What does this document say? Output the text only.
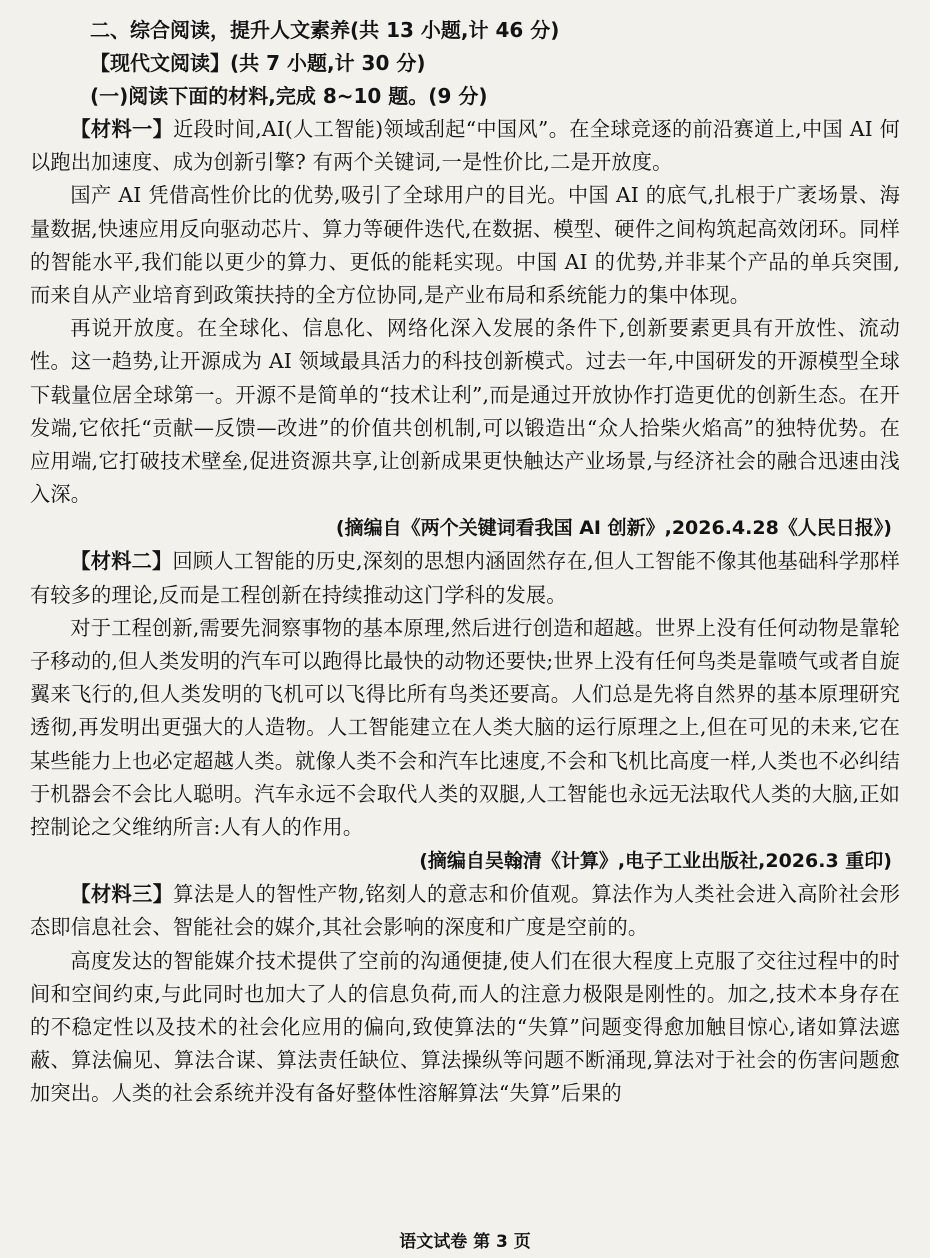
二、综合阅读，提升人文素养(共 13 小题,计 46 分)
【现代文阅读】(共 7 小题,计 30 分)
(一)阅读下面的材料,完成 8~10 题。(9 分)

【材料一】近段时间,AI(人工智能)领域刮起“中国风”。在全球竞逐的前沿赛道上,中国 AI 何以跑出加速度、成为创新引擎? 有两个关键词,一是性价比,二是开放度。

国产 AI 凭借高性价比的优势,吸引了全球用户的目光。中国 AI 的底气,扎根于广袤场景、海量数据,快速应用反向驱动芯片、算力等硬件迭代,在数据、模型、硬件之间构筑起高效闭环。同样的智能水平,我们能以更少的算力、更低的能耗实现。中国 AI 的优势,并非某个产品的单兵突围,而来自从产业培育到政策扶持的全方位协同,是产业布局和系统能力的集中体现。

再说开放度。在全球化、信息化、网络化深入发展的条件下,创新要素更具有开放性、流动性。这一趋势,让开源成为 AI 领域最具活力的科技创新模式。过去一年,中国研发的开源模型全球下载量位居全球第一。开源不是简单的“技术让利”,而是通过开放协作打造更优的创新生态。在开发端,它依托“贡献—反馈—改进”的价值共创机制,可以锻造出“众人拾柴火焰高”的独特优势。在应用端,它打破技术壁垒,促进资源共享,让创新成果更快触达产业场景,与经济社会的融合迅速由浅入深。

(摘编自《两个关键词看我国 AI 创新》,2026.4.28《人民日报》)

【材料二】回顾人工智能的历史,深刻的思想内涵固然存在,但人工智能不像其他基础科学那样有较多的理论,反而是工程创新在持续推动这门学科的发展。

对于工程创新,需要先洞察事物的基本原理,然后进行创造和超越。世界上没有任何动物是靠轮子移动的,但人类发明的汽车可以跑得比最快的动物还要快;世界上没有任何鸟类是靠喷气或者自旋翼来飞行的,但人类发明的飞机可以飞得比所有鸟类还要高。人们总是先将自然界的基本原理研究透彻,再发明出更强大的人造物。人工智能建立在人类大脑的运行原理之上,但在可见的未来,它在某些能力上也必定超越人类。就像人类不会和汽车比速度,不会和飞机比高度一样,人类也不必纠结于机器会不会比人聪明。汽车永远不会取代人类的双腿,人工智能也永远无法取代人类的大脑,正如控制论之父维纳所言:人有人的作用。

(摘编自吴翰清《计算》,电子工业出版社,2026.3 重印)

【材料三】算法是人的智性产物,铭刻人的意志和价值观。算法作为人类社会进入高阶社会形态即信息社会、智能社会的媒介,其社会影响的深度和广度是空前的。

高度发达的智能媒介技术提供了空前的沟通便捷,使人们在很大程度上克服了交往过程中的时间和空间约束,与此同时也加大了人的信息负荷,而人的注意力极限是刚性的。加之,技术本身存在的不稳定性以及技术的社会化应用的偏向,致使算法的“失算”问题变得愈加触目惊心,诸如算法遮蔽、算法偏见、算法合谋、算法责任缺位、算法操纵等问题不断涌现,算法对于社会的伤害问题愈加突出。人类的社会系统并没有备好整体性溶解算法“失算”后果的

语文试卷 第 3 页
